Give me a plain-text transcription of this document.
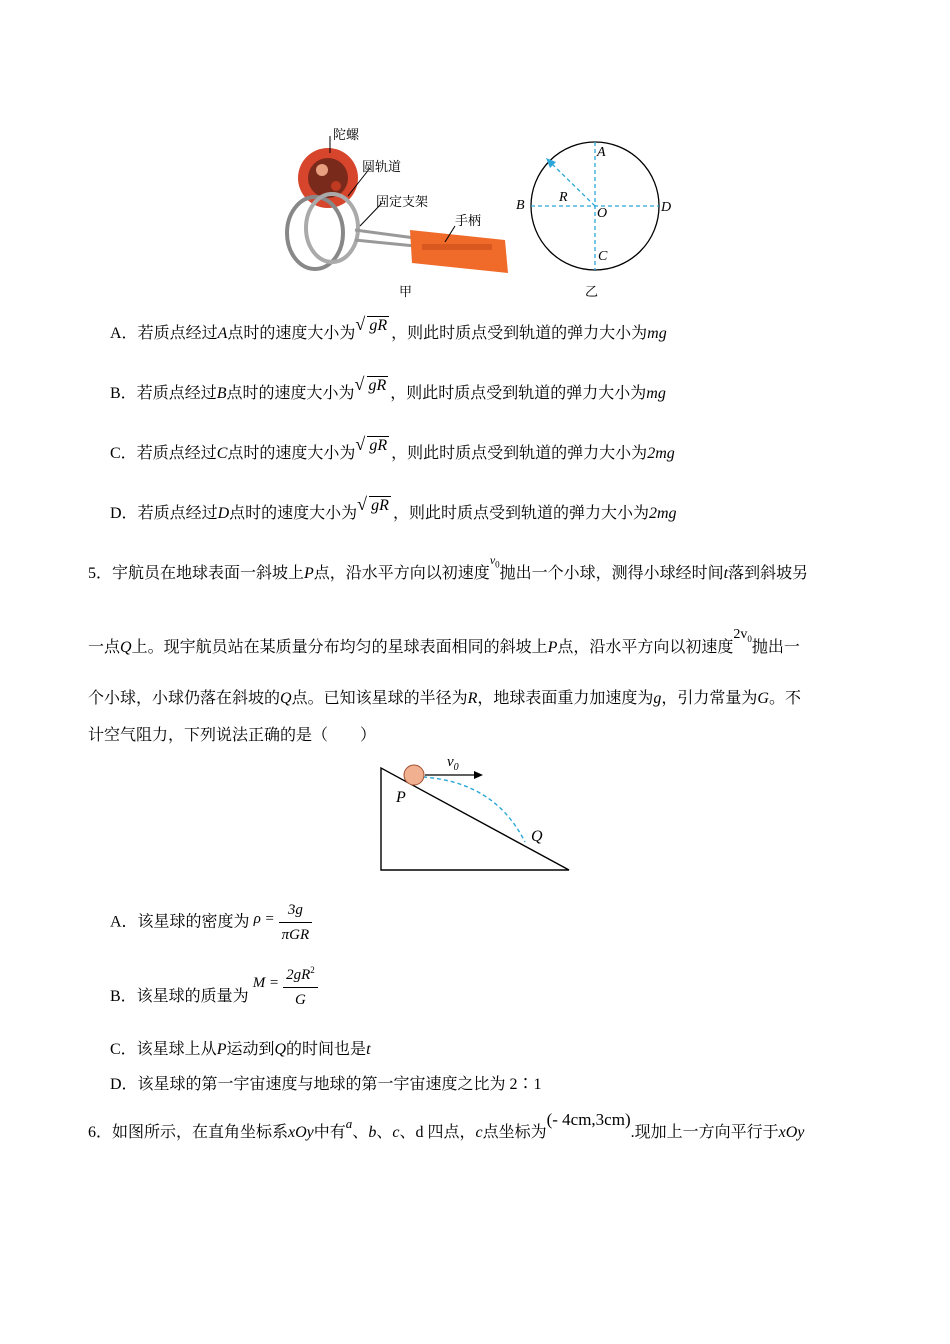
陀螺
圆轨道
固定支架
手柄
甲
A
B	D
O
R
C
乙
A．若质点经过A点时的速度大小为 √ gR ，则此时质点受到轨道的弹力大小为mg
B．若质点经过B点时的速度大小为 √ gR ，则此时质点受到轨道的弹力大小为mg
C．若质点经过C点时的速度大小为 √ gR ，则此时质点受到轨道的弹力大小为2mg
D．若质点经过D点时的速度大小为 √ gR ，则此时质点受到轨道的弹力大小为2mg
5．宇航员在地球表面一斜坡上P点，沿水平方向以初速度$^{v_0}$抛出一个小球，测得小球经时间t落到斜坡另
一点Q上。现宇航员站在某质量分布均匀的星球表面相同的斜坡上P点，沿水平方向以初速度$2v_0$抛出一
个小球，小球仍落在斜坡的Q点。已知该星球的半径为R，地球表面重力加速度为g，引力常量为G。不
计空气阻力，下列说法正确的是（　　）
$v_0$
P
Q
A．该星球的密度为 $\rho = \frac{3g}{\text{πGR}}$
B．该星球的质量为 $M = \frac{2gR^2}{G}$
C．该星球上从P运动到Q的时间也是t
D．该星球的第一宇宙速度与地球的第一宇宙速度之比为 2∶1
6．如图所示，在直角坐标系xOy中有$^a$、b、c、d 四点，c点坐标为(- 4cm,3cm).现加上一方向平行于xOy
